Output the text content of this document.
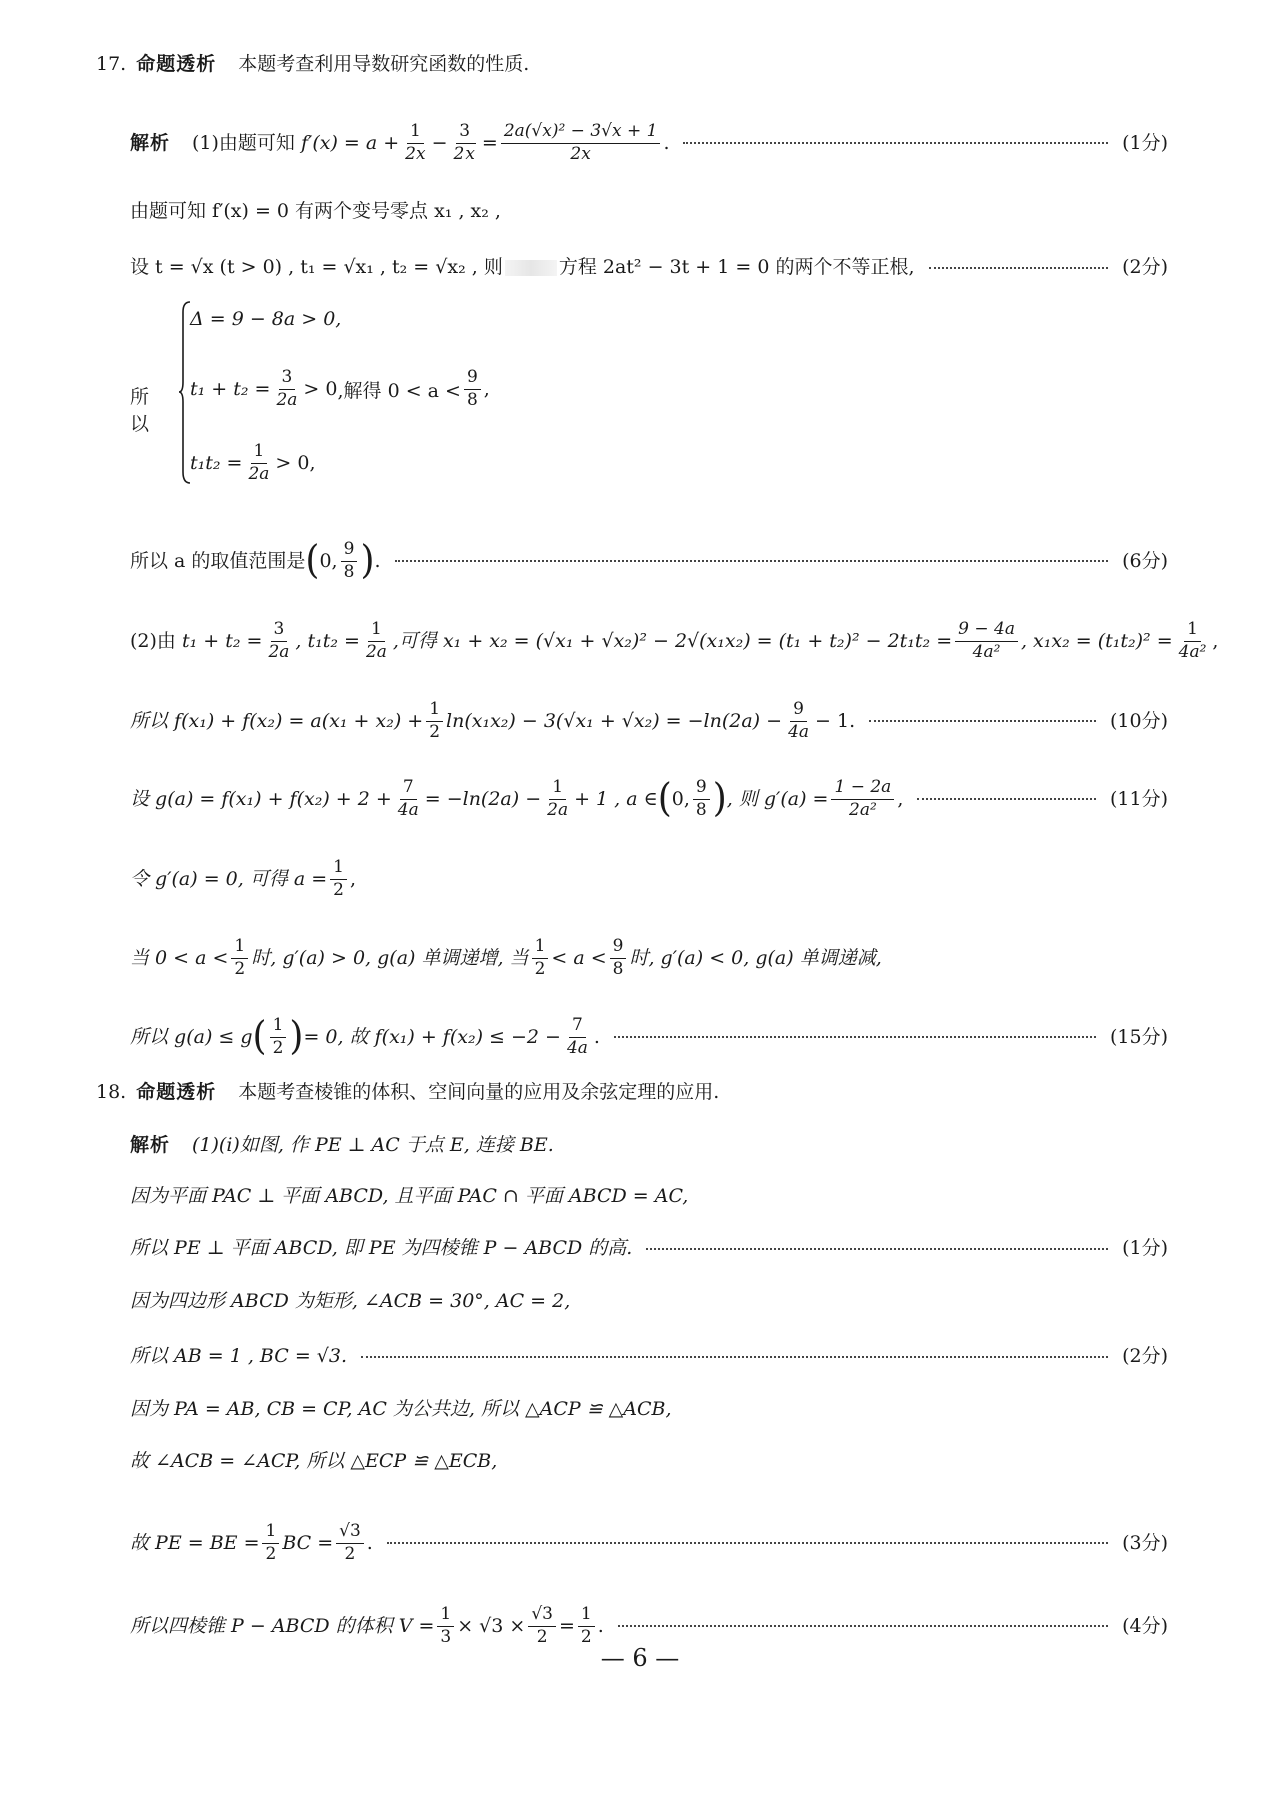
17. 命题透析 本题考查利用导数研究函数的性质.
解析 (1)由题可知 $f'(x) = a + \frac{1}{2x} - \frac{3}{2x} = \frac{\text{2a(√x)² − 3√x + 1}}{2x}$ .	(1分)
由题可知 f′(x) = 0 有两个变号零点 x₁ , x₂ ,
设 t = √x (t > 0) , t₁ = √x₁ , t₂ = √x₂ , 则	方程 2at² − 3t + 1 = 0 的两个不等正根,	(2分)
所以
Δ = 9 − 8a > 0,
$t_1 + t_2 = \frac{3}{2a} > 0$ ,解得 $0 < a < \frac{9}{8}$ ,
$t_1t_2 = \frac{1}{2a} > 0$,
所以 a 的取值范围是 ( 0, $\frac{9}{8}$ ) .	(6分)
(2)由 $t_1 + t_2 = \frac{3}{2a}$ , $t_1t_2 = \frac{1}{2a}$ ,可得 $x_1 + x_2 = (√x_1 + √x_2)^2 - 2√(x_1x_2) = (t_1 + t_2)^2 - 2t_1t_2 = \frac{9 - 4a}{\text{4a²}}$ , $x_1x_2 = (t_1t_2)^2 = \frac{1}{\text{4a²}}$ ,
所以 $f(x_1) + f(x_2) = a(x_1 + x_2) + \frac{1}{2} \ln(x_1x_2) - 3(√x_1 + √x_2) = -\ln(2a) - \frac{9}{4a} - 1$.	(10分)
设 $g(a) = f(x_1) + f(x_2) + 2 + \frac{7}{4a} = -\ln(2a) - \frac{1}{2a} + 1$ , a ∈ ( 0, $\frac{9}{8}$ ) , 则 $g'(a) = \frac{1 - 2a}{\text{2a²}}$ ,	(11分)
令 g′(a) = 0, 可得 $a = \frac{1}{2}$ ,
当 $0 < a < \frac{1}{2}$ 时, g′(a) > 0, g(a) 单调递增, 当 $\frac{1}{2} < a < \frac{9}{8}$ 时, g′(a) < 0, g(a) 单调递减,
所以 g(a) ≤ g ( $\frac{1}{2}$ ) = 0, 故 $f(x_1) + f(x_2) \le -2 - \frac{7}{4a}$ .	(15分)
18. 命题透析 本题考查棱锥的体积、空间向量的应用及余弦定理的应用.
解析 (1)(ⅰ)如图, 作 PE ⊥ AC 于点 E, 连接 BE.
因为平面 PAC ⊥ 平面 ABCD, 且平面 PAC ∩ 平面 ABCD = AC,
所以 PE ⊥ 平面 ABCD, 即 PE 为四棱锥 P − ABCD 的高.	(1分)
因为四边形 ABCD 为矩形, ∠ACB = 30°, AC = 2,
所以 AB = 1 , BC = √3.	(2分)
因为 PA = AB, CB = CP, AC 为公共边, 所以 △ACP ≌ △ACB,
故 ∠ACB = ∠ACP, 所以 △ECP ≌ △ECB,
故 PE = BE = $\frac{1}{2}$ BC = $\frac{√3}{2}$ .	(3分)
所以四棱锥 P − ABCD 的体积 $V = \frac{1}{3} \times √3 \times \frac{√3}{2} = \frac{1}{2}$ .	(4分)
— 6 —
